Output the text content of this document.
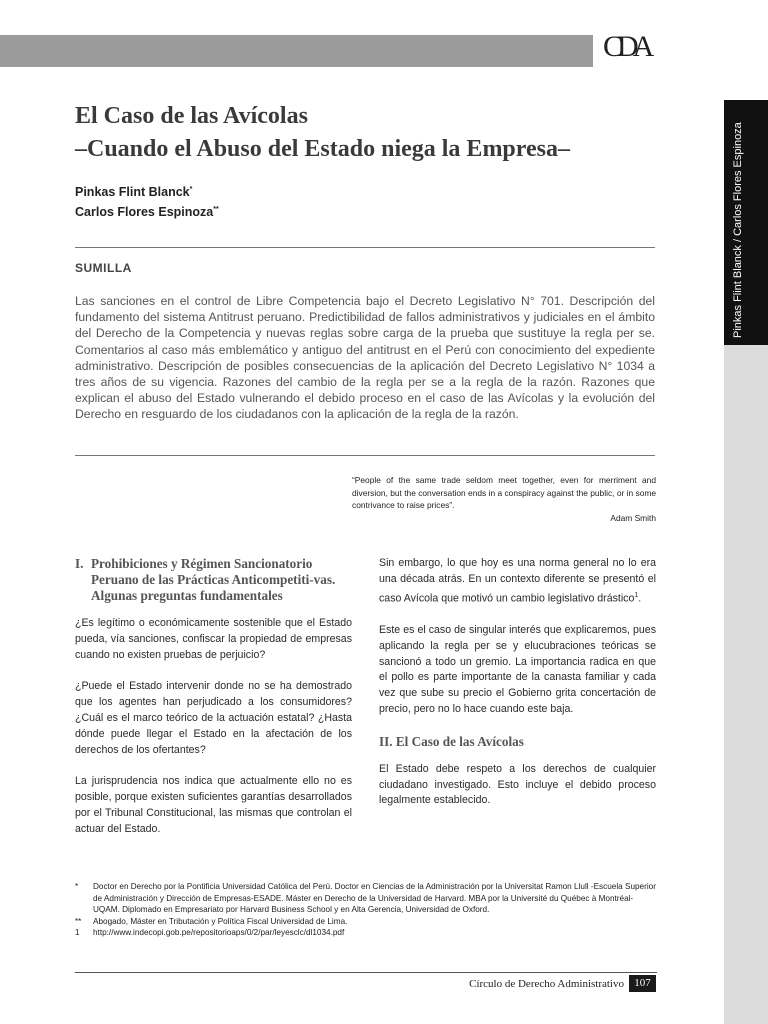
CDA
Pinkas Flint Blanck / Carlos Flores Espinoza
El Caso de las Avícolas
–Cuando el Abuso del Estado niega la Empresa–
Pinkas Flint Blanck*
Carlos Flores Espinoza**
SUMILLA

Las sanciones en el control de Libre Competencia bajo el Decreto Legislativo N° 701. Descripción del fundamento del sistema Antitrust peruano. Predictibilidad de fallos administrativos y judiciales en el ámbito del Derecho de la Competencia y nuevas reglas sobre carga de la prueba que sustituye la regla per se. Comentarios al caso más emblemático y antiguo del antitrust en el Perú con conocimiento del expediente administrativo. Descripción de posibles consecuencias de la aplicación del Decreto Legislativo N° 1034 a tres años de su vigencia. Razones del cambio de la regla per se a la regla de la razón. Razones que explican el abuso del Estado vulnerando el debido proceso en el caso de las Avícolas y la evolución del Derecho en resguardo de los ciudadanos con la aplicación de la regla de la razón.

“People of the same trade seldom meet together, even for merriment and diversion, but the conversation ends in a conspiracy against the public, or in some contrivance to raise prices”.

Adam Smith

I. Prohibiciones y Régimen Sancionatorio Peruano de las Prácticas Anticompetiti-vas. Algunas preguntas fundamentales

¿Es legítimo o económicamente sostenible que el Estado pueda, vía sanciones, confiscar la propiedad de empresas cuando no existen pruebas de perjuicio?

¿Puede el Estado intervenir donde no se ha demostrado que los agentes han perjudicado a los consumidores? ¿Cuál es el marco teórico de la actuación estatal? ¿Hasta dónde puede llegar el Estado en la afectación de los derechos de los ofertantes?

La jurisprudencia nos indica que actualmente ello no es posible, porque existen suficientes garantías desarrollados por el Tribunal Constitucional, las mismas que controlan el actuar del Estado.

Sin embargo, lo que hoy es una norma general no lo era una década atrás. En un contexto diferente se presentó el caso Avícola que motivó un cambio legislativo drástico$^1$.

Este es el caso de singular interés que explicaremos, pues aplicando la regla per se y elucubraciones teóricas se sancionó a todo un gremio. La importancia radica en que el pollo es parte importante de la canasta familiar y cada vez que sube su precio el Gobierno grita concertación de precio, pero no lo hace cuando este baja.

II. El Caso de las Avícolas

El Estado debe respeto a los derechos de cualquier ciudadano investigado. Esto incluye el debido proceso legalmente establecido.

*	Doctor en Derecho por la Pontificia Universidad Católica del Perú. Doctor en Ciencias de la Administración por la Universitat Ramon Llull -Escuela Superior de Administración y Dirección de Empresas-ESADE. Máster en Derecho de la Universidad de Harvard. MBA por la Université du Québec à Montréal- UQAM. Diplomado en Empresariato por Harvard Business School y en Alta Gerencia, Universidad de Oxford.
**	Abogado, Máster en Tributación y Política Fiscal Universidad de Lima.
1	http://www.indecopi.gob.pe/repositorioaps/0/2/par/leyesclc/dl1034.pdf
Círculo de Derecho Administrativo 107
